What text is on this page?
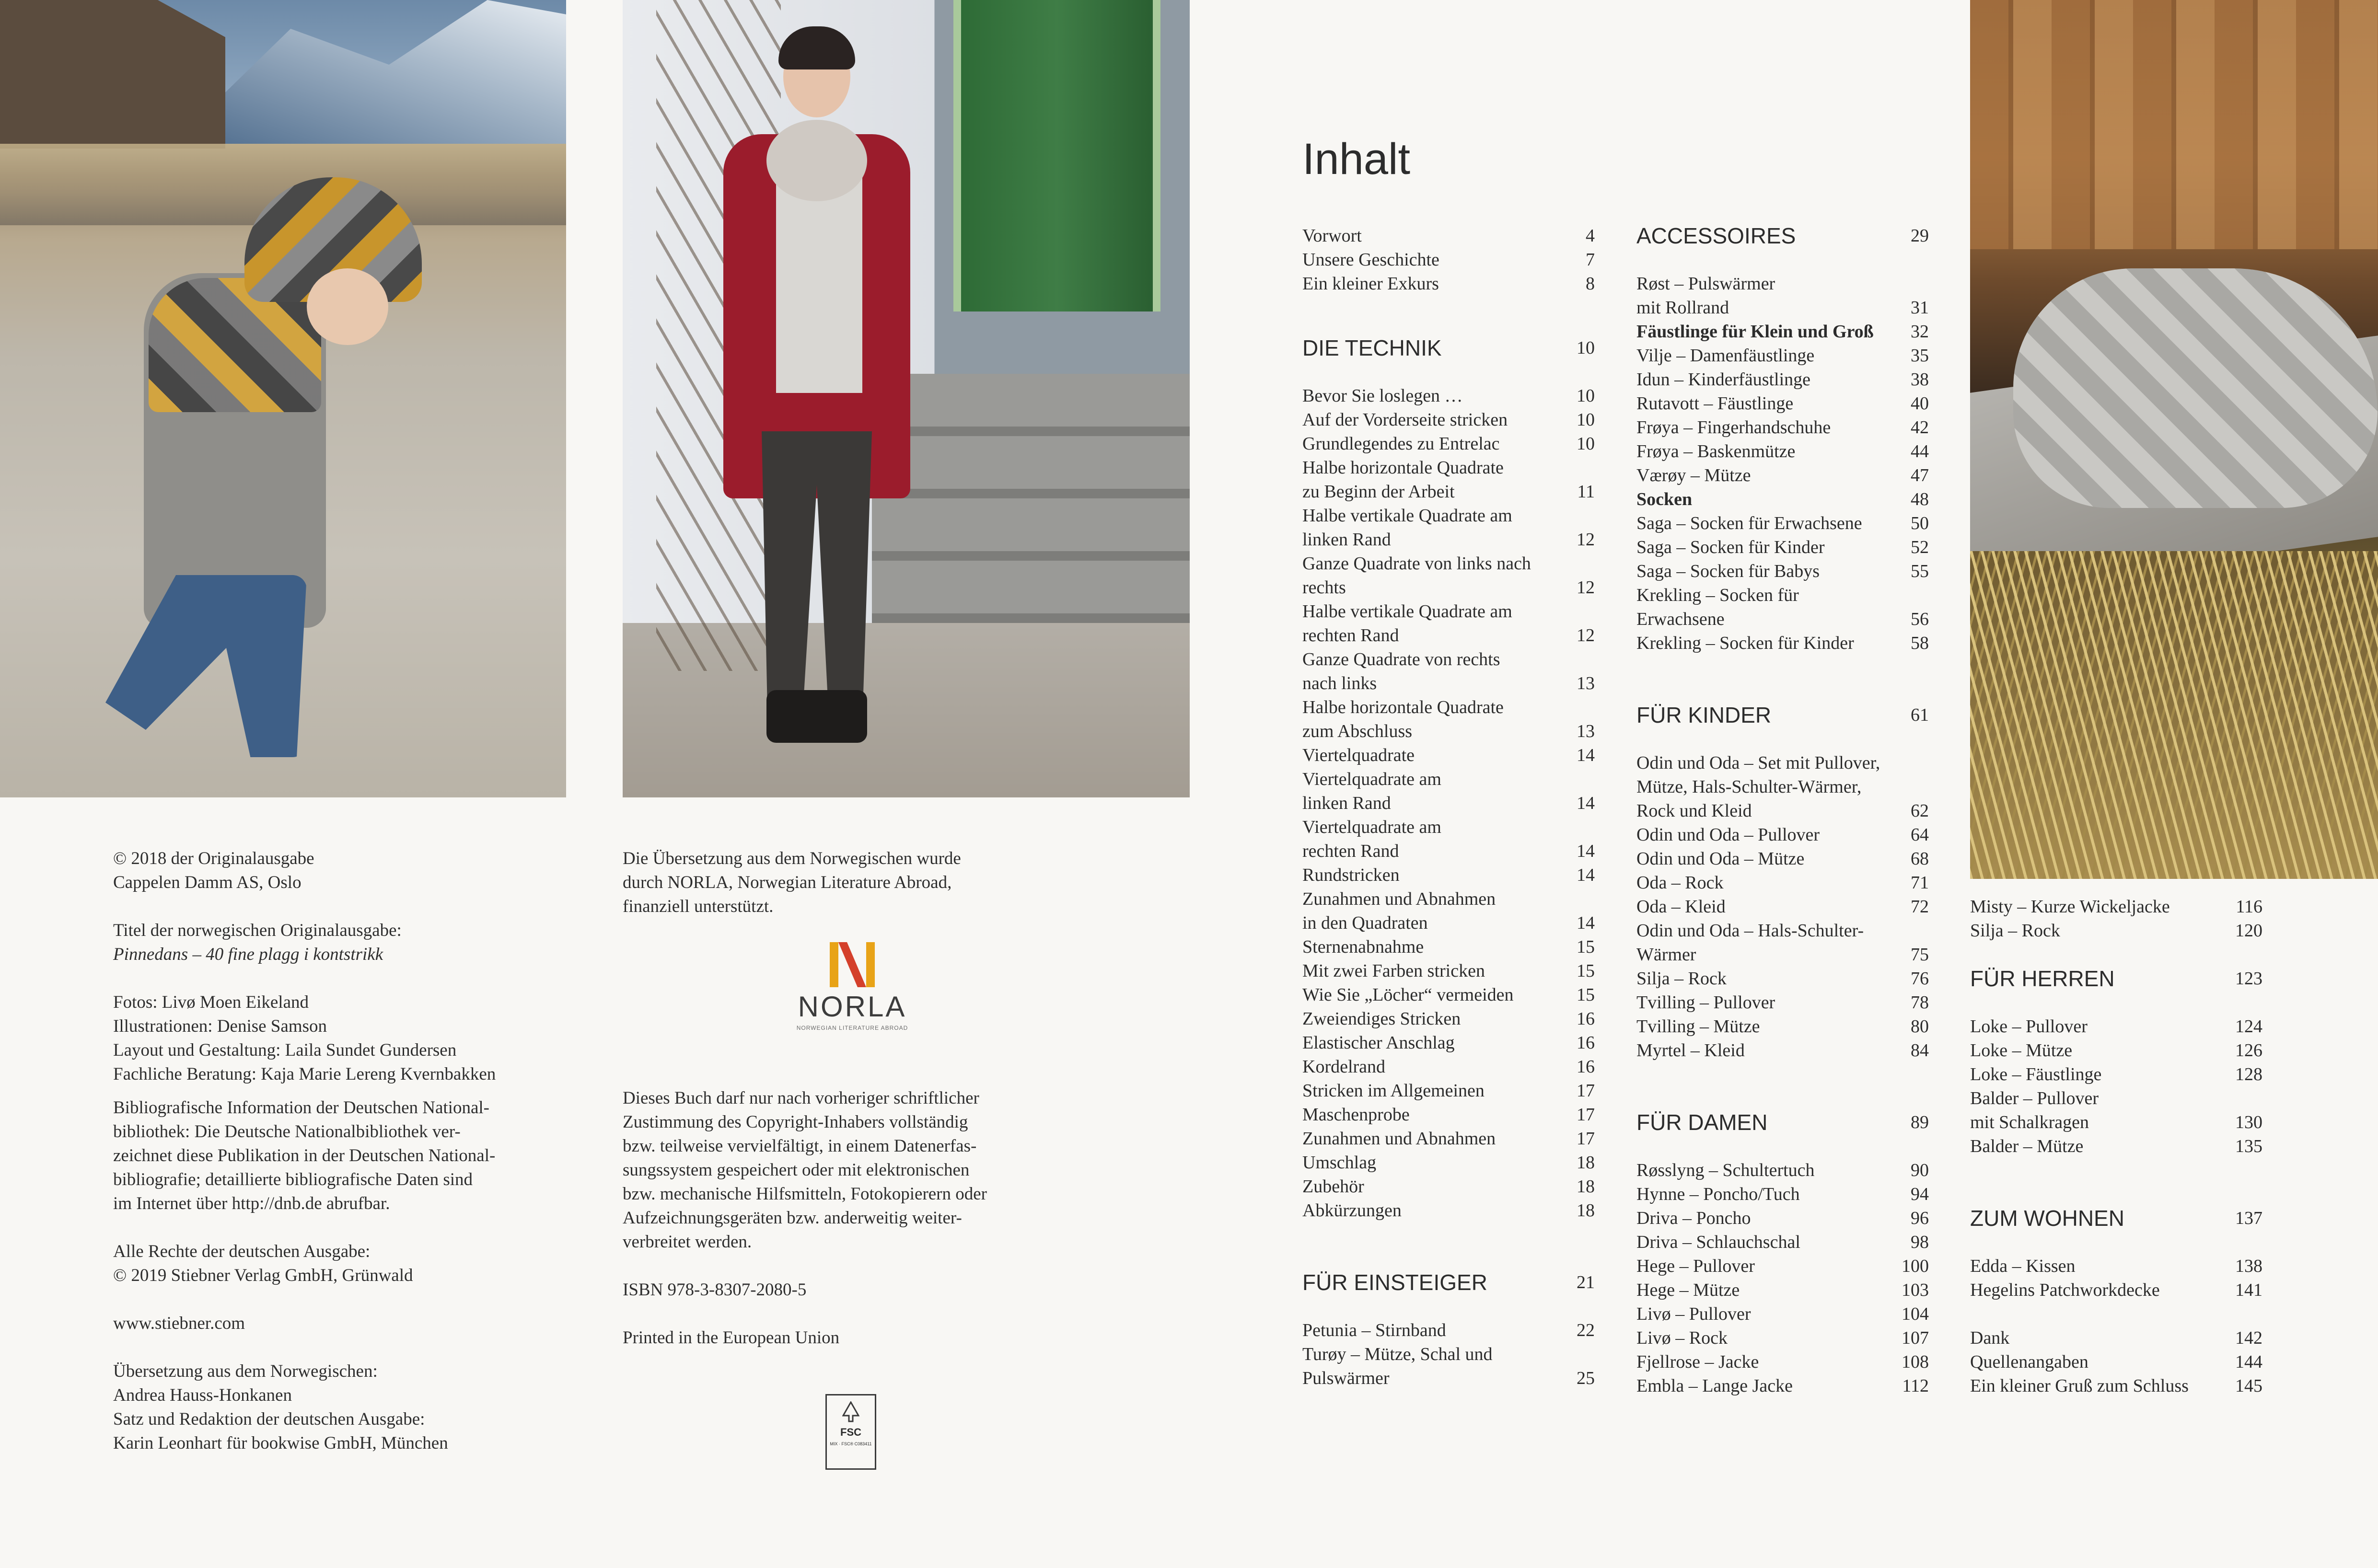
© 2018 der Originalausgabe

Cappelen Damm AS, Oslo

Titel der norwegischen Originalausgabe:

Pinnedans – 40 fine plagg i kontstrikk

Fotos: Livø Moen Eikeland

Illustrationen: Denise Samson

Layout und Gestaltung: Laila Sundet Gundersen

Fachliche Beratung: Kaja Marie Lereng Kvernbakken

Bibliografische Information der Deutschen National-

bibliothek: Die Deutsche Nationalbibliothek ver-

zeichnet diese Publikation in der Deutschen National-

bibliografie; detaillierte bibliografische Daten sind

im Internet über http://dnb.de abrufbar.

Alle Rechte der deutschen Ausgabe:

© 2019 Stiebner Verlag GmbH, Grünwald

www.stiebner.com

Übersetzung aus dem Norwegischen:

Andrea Hauss-Honkanen

Satz und Redaktion der deutschen Ausgabe:

Karin Leonhart für bookwise GmbH, München

Die Übersetzung aus dem Norwegischen wurde

durch NORLA, Norwegian Literature Abroad,

finanziell unterstützt.

NORLA
NORWEGIAN LITERATURE ABROAD

Dieses Buch darf nur nach vorheriger schriftlicher

Zustimmung des Copyright-Inhabers vollständig

bzw. teilweise vervielfältigt, in einem Datenerfas-

sungssystem gespeichert oder mit elektronischen

bzw. mechanische Hilfsmitteln, Fotokopierern oder

Aufzeichnungsgeräten bzw. anderweitig weiter-

verbreitet werden.

ISBN 978-3-8307-2080-5

Printed in the European Union

FSC
MIX · FSC® C083411
Inhalt
Vorwort	4
Unsere Geschichte	7
Ein kleiner Exkurs	8
DIE TECHNIK	10
Bevor Sie loslegen …	10
Auf der Vorderseite stricken	10
Grundlegendes zu Entrelac	10
Halbe horizontale Quadrate
zu Beginn der Arbeit	11
Halbe vertikale Quadrate am
linken Rand	12
Ganze Quadrate von links nach
rechts	12
Halbe vertikale Quadrate am
rechten Rand	12
Ganze Quadrate von rechts
nach links	13
Halbe horizontale Quadrate
zum Abschluss	13
Viertelquadrate	14
Viertelquadrate am
linken Rand	14
Viertelquadrate am
rechten Rand	14
Rundstricken	14
Zunahmen und Abnahmen
in den Quadraten	14
Sternenabnahme	15
Mit zwei Farben stricken	15
Wie Sie „Löcher“ vermeiden	15
Zweiendiges Stricken	16
Elastischer Anschlag	16
Kordelrand	16
Stricken im Allgemeinen	17
Maschenprobe	17
Zunahmen und Abnahmen	17
Umschlag	18
Zubehör	18
Abkürzungen	18
FÜR EINSTEIGER	21
Petunia – Stirnband	22
Turøy – Mütze, Schal und
Pulswärmer	25
ACCESSOIRES	29
Røst – Pulswärmer
mit Rollrand	31
Fäustlinge für Klein und Groß 32
Vilje – Damenfäustlinge	35
Idun – Kinderfäustlinge	38
Rutavott – Fäustlinge	40
Frøya – Fingerhandschuhe	42
Frøya – Baskenmütze	44
Værøy – Mütze	47
Socken	48
Saga – Socken für Erwachsene	50
Saga – Socken für Kinder	52
Saga – Socken für Babys	55
Krekling – Socken für
Erwachsene	56
Krekling – Socken für Kinder	58
FÜR KINDER	61
Odin und Oda – Set mit Pullover,
Mütze, Hals-Schulter-Wärmer,
Rock und Kleid	62
Odin und Oda – Pullover	64
Odin und Oda – Mütze	68
Oda – Rock	71
Oda – Kleid	72
Odin und Oda – Hals-Schulter-
Wärmer	75
Silja – Rock	76
Tvilling – Pullover	78
Tvilling – Mütze	80
Myrtel – Kleid	84
FÜR DAMEN	89
Røsslyng – Schultertuch	90
Hynne – Poncho/Tuch	94
Driva – Poncho	96
Driva – Schlauchschal	98
Hege – Pullover	100
Hege – Mütze	103
Livø – Pullover	104
Livø – Rock	107
Fjellrose – Jacke	108
Embla – Lange Jacke	112
Misty – Kurze Wickeljacke	116
Silja – Rock	120
FÜR HERREN	123
Loke – Pullover	124
Loke – Mütze	126
Loke – Fäustlinge	128
Balder – Pullover
mit Schalkragen	130
Balder – Mütze	135
ZUM WOHNEN	137
Edda – Kissen	138
Hegelins Patchworkdecke	141
Dank	142
Quellenangaben	144
Ein kleiner Gruß zum Schluss	145
